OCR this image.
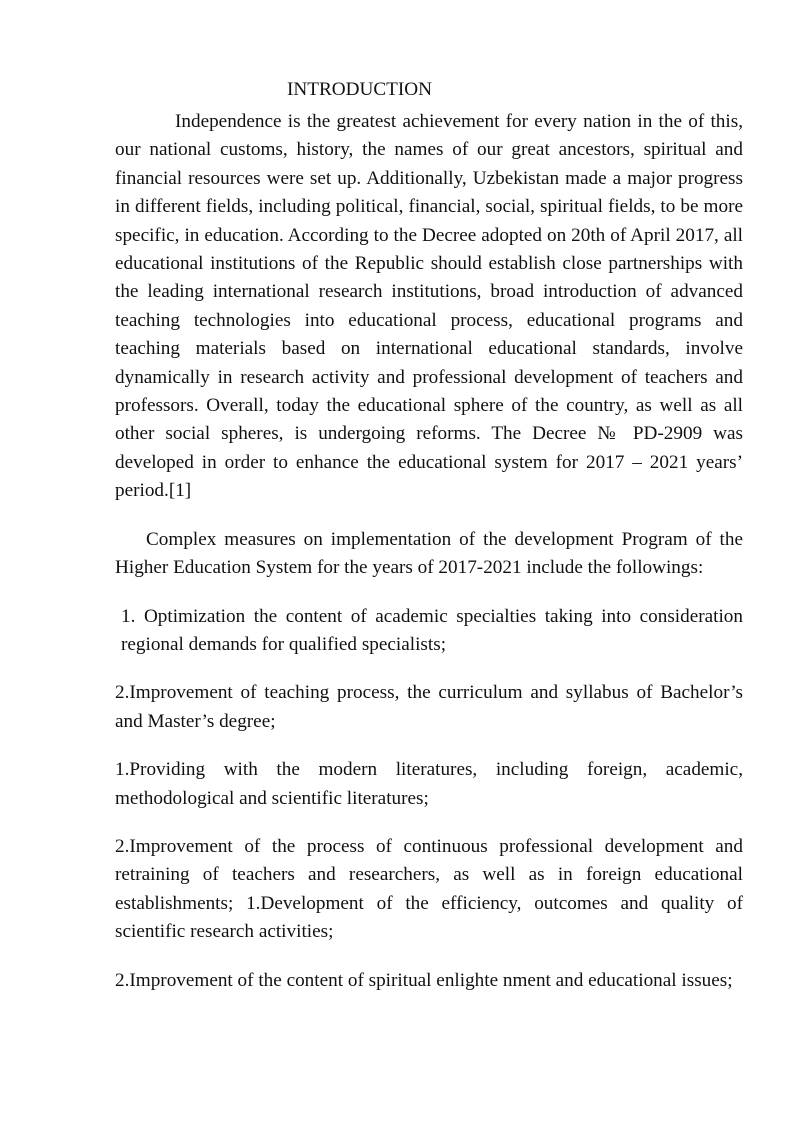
INTRODUCTION

Independence is the greatest achievement for every nation in the of this, our national customs, history, the names of our great ancestors, spiritual and financial resources were set up. Additionally, Uzbekistan made a major progress in different fields, including political, financial, social, spiritual fields, to be more specific, in education. According to the Decree adopted on 20th of April 2017, all educational institutions of the Republic should establish close partnerships with the leading international research institutions, broad introduction of advanced teaching technologies into educational process, educational programs and teaching materials based on international educational standards, involve dynamically in research activity and professional development of teachers and professors. Overall, today the educational sphere of the country, as well as all other social spheres, is undergoing reforms. The Decree № PD-2909 was developed in order to enhance the educational system for 2017 – 2021 years’ period.[1]

Complex measures on implementation of the development Program of the Higher Education System for the years of 2017-2021 include the followings:

1. Optimization the content of academic specialties taking into consideration regional demands for qualified specialists;

2.Improvement of teaching process, the curriculum and syllabus of Bachelor’s and Master’s degree;

1.Providing with the modern literatures, including foreign, academic, methodological and scientific literatures;

2.Improvement of the process of continuous professional development and retraining of teachers and researchers, as well as in foreign educational establishments; 1.Development of the efficiency, outcomes and quality of scientific research activities;

2.Improvement of the content of spiritual enlighte nment and educational issues;
